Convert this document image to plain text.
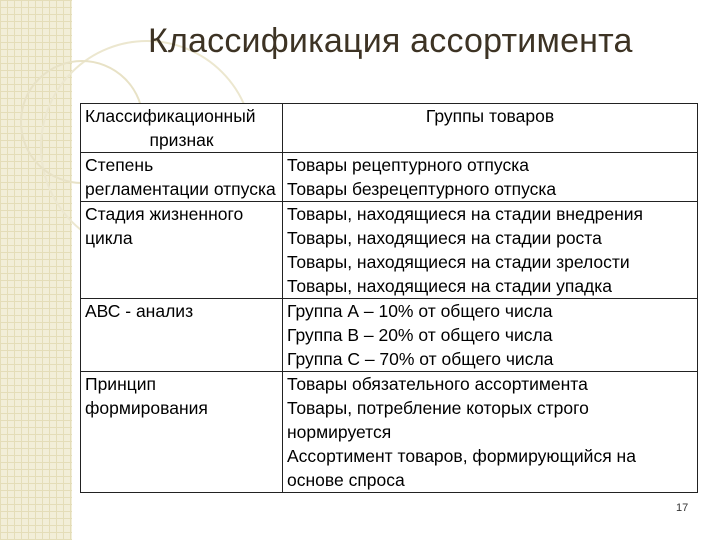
Классификация ассортимента
Классификационный
признак	Группы товаров
Степень регламентации отпуска	Товары рецептурного отпуска
Товары безрецептурного отпуска

Стадия жизненного цикла	Товары, находящиеся на стадии внедрения
Товары, находящиеся на стадии роста
Товары, находящиеся на стадии зрелости
Товары, находящиеся на стадии упадка

АВС - анализ	Группа А – 10% от общего числа
Группа В – 20% от общего числа
Группа С – 70% от общего числа

Принцип формирования	Товары обязательного ассортимента
Товары, потребление которых строго нормируется
Ассортимент товаров, формирующийся на основе спроса
17
